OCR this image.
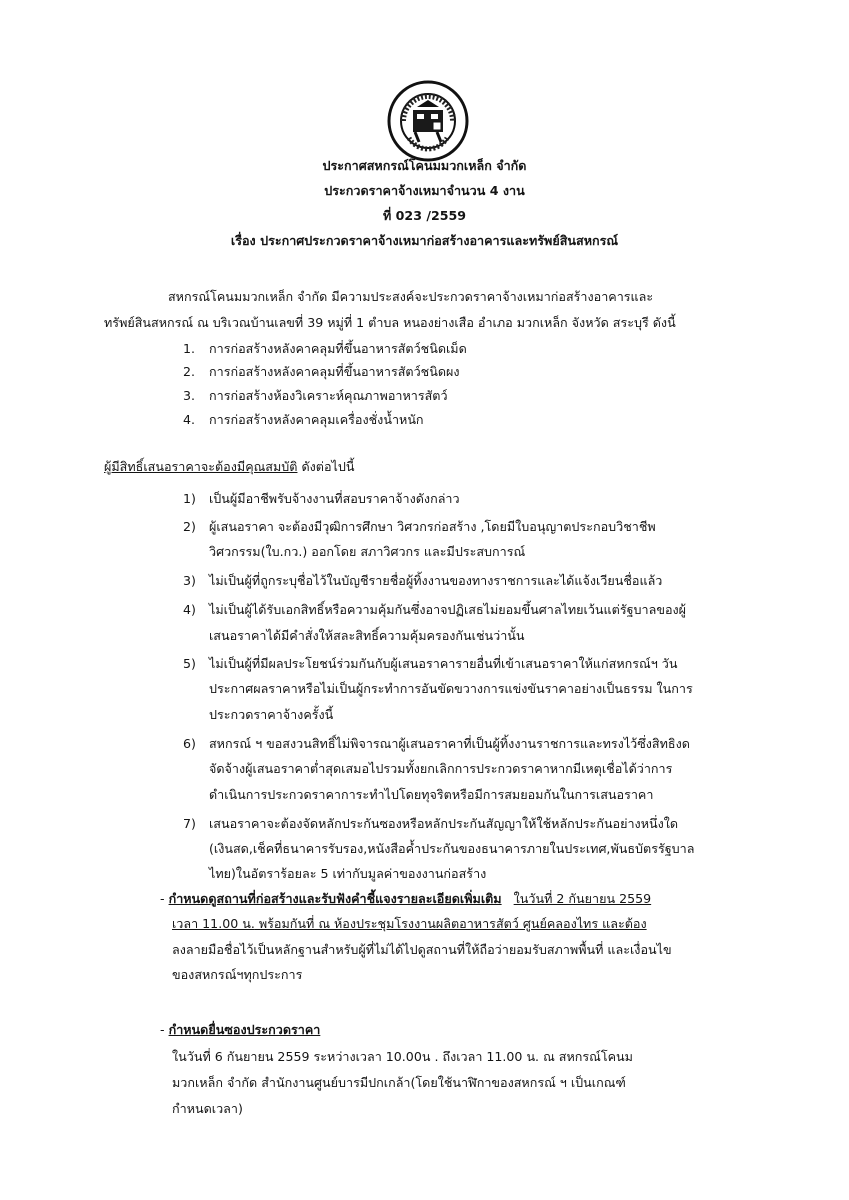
ประกาศสหกรณ์โคนมมวกเหล็ก จำกัด
ประกวดราคาจ้างเหมาจำนวน 4 งาน
ที่ 023 /2559
เรื่อง ประกาศประกวดราคาจ้างเหมาก่อสร้างอาคารและทรัพย์สินสหกรณ์
สหกรณ์โคนมมวกเหล็ก จำกัด มีความประสงค์จะประกวดราคาจ้างเหมาก่อสร้างอาคารและ
ทรัพย์สินสหกรณ์ ณ บริเวณบ้านเลขที่ 39 หมู่ที่ 1 ตำบล หนองย่างเสือ อำเภอ มวกเหล็ก จังหวัด สระบุรี ดังนี้
1. การก่อสร้างหลังคาคลุมที่ขึ้นอาหารสัตว์ชนิดเม็ด
2. การก่อสร้างหลังคาคลุมที่ขึ้นอาหารสัตว์ชนิดผง
3. การก่อสร้างห้องวิเคราะห์คุณภาพอาหารสัตว์
4. การก่อสร้างหลังคาคลุมเครื่องชั่งน้ำหนัก
ผู้มีสิทธิ์เสนอราคาจะต้องมีคุณสมบัติ ดังต่อไปนี้
1)	เป็นผู้มีอาชีพรับจ้างงานที่สอบราคาจ้างดังกล่าว
2)	ผู้เสนอราคา จะต้องมีวุฒิการศึกษา วิศวกรก่อสร้าง ,โดยมีใบอนุญาตประกอบวิชาชีพ
วิศวกรรม(ใบ.กว.) ออกโดย สภาวิศวกร และมีประสบการณ์
3)	ไม่เป็นผู้ที่ถูกระบุชื่อไว้ในบัญชีรายชื่อผู้ทิ้งงานของทางราชการและได้แจ้งเวียนชื่อแล้ว
4)	ไม่เป็นผู้ได้รับเอกสิทธิ์หรือความคุ้มกันซึ่งอาจปฏิเสธไม่ยอมขึ้นศาลไทยเว้นแต่รัฐบาลของผู้
เสนอราคาได้มีคำสั่งให้สละสิทธิ์ความคุ้มครองกันเช่นว่านั้น
5)	ไม่เป็นผู้ที่มีผลประโยชน์ร่วมกันกับผู้เสนอราคารายอื่นที่เข้าเสนอราคาให้แก่สหกรณ์ฯ วัน
ประกาศผลราคาหรือไม่เป็นผู้กระทำการอันขัดขวางการแข่งขันราคาอย่างเป็นธรรม ในการ
ประกวดราคาจ้างครั้งนี้
6)	สหกรณ์ ฯ ขอสงวนสิทธิ์ไม่พิจารณาผู้เสนอราคาที่เป็นผู้ทิ้งงานราชการและทรงไว้ซึ่งสิทธิงด
จัดจ้างผู้เสนอราคาต่ำสุดเสมอไปรวมทั้งยกเลิกการประกวดราคาหากมีเหตุเชื่อได้ว่าการ
ดำเนินการประกวดราคาการะทำไปโดยทุจริตหรือมีการสมยอมกันในการเสนอราคา
7)	เสนอราคาจะต้องจัดหลักประกันซองหรือหลักประกันสัญญาให้ใช้หลักประกันอย่างหนึ่งใด
(เงินสด,เช็คที่ธนาคารรับรอง,หนังสือค้ำประกันของธนาคารภายในประเทศ,พันธบัตรรัฐบาล
ไทย)ในอัตราร้อยละ 5 เท่ากับมูลค่าของงานก่อสร้าง
- กำหนดดูสถานที่ก่อสร้างและรับฟังคำชี้แจงรายละเอียดเพิ่มเติม ในวันที่ 2 กันยายน 2559
เวลา 11.00 น. พร้อมกันที่ ณ ห้องประชุมโรงงานผลิตอาหารสัตว์ ศูนย์คลองไทร และต้อง
ลงลายมือชื่อไว้เป็นหลักฐานสำหรับผู้ที่ไม่ได้ไปดูสถานที่ให้ถือว่ายอมรับสภาพพื้นที่ และเงื่อนไข
ของสหกรณ์ฯทุกประการ
- กำหนดยื่นซองประกวดราคา
ในวันที่ 6 กันยายน 2559 ระหว่างเวลา 10.00น . ถึงเวลา 11.00 น. ณ สหกรณ์โคนม
มวกเหล็ก จำกัด สำนักงานศูนย์บารมีปกเกล้า(โดยใช้นาฬิกาของสหกรณ์ ฯ เป็นเกณฑ์
กำหนดเวลา)
